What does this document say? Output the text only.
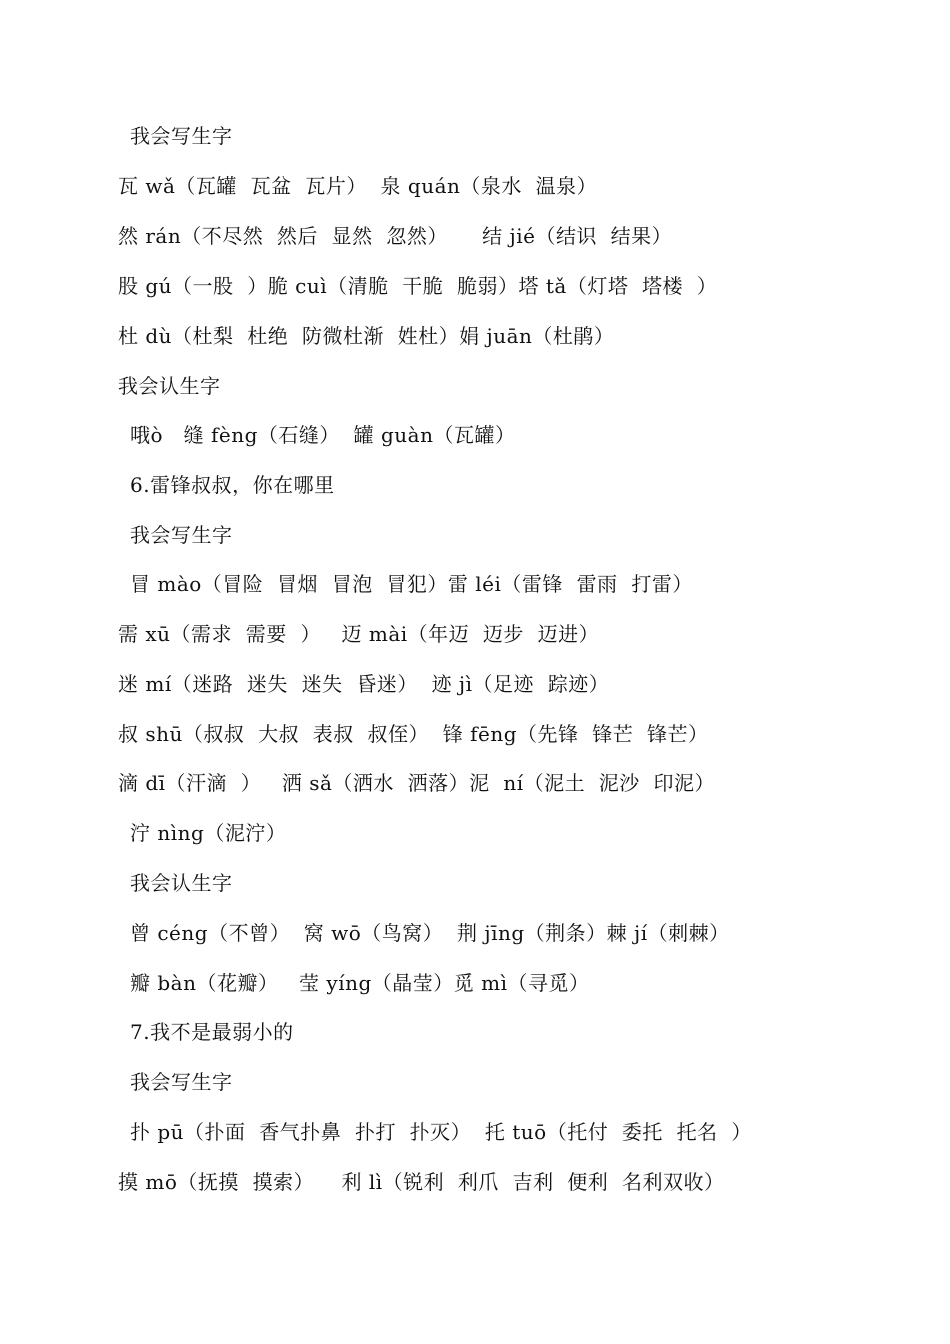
我会写生字
瓦 wǎ（瓦罐  瓦盆  瓦片）  泉 quán（泉水  温泉）
然 rán（不尽然  然后  显然  忽然）     结 jié（结识  结果）
股 gú（一股  ）脆 cuì（清脆  干脆  脆弱）塔 tǎ（灯塔  塔楼  ）
杜 dù（杜梨  杜绝  防微杜渐  姓杜）娟 juān（杜鹃）
我会认生字
哦ò   缝 fèng（石缝）  罐 guàn（瓦罐）
6.雷锋叔叔，你在哪里
我会写生字
冒 mào（冒险  冒烟  冒泡  冒犯）雷 léi（雷锋  雷雨  打雷）
需 xū（需求  需要  ）   迈 mài（年迈  迈步  迈进）
迷 mí（迷路  迷失  迷失  昏迷）  迹 jì（足迹  踪迹）
叔 shū（叔叔  大叔  表叔  叔侄）  锋 fēng（先锋  锋芒  锋芒）
滴 dī（汗滴  ）   洒 sǎ（洒水  洒落）泥  ní（泥土  泥沙  印泥）
泞 nìng（泥泞）
我会认生字
曾 céng（不曾）  窝 wō（鸟窝）  荆 jīng（荆条）棘 jí（刺棘）
瓣 bàn（花瓣）   莹 yíng（晶莹）觅 mì（寻觅）
7.我不是最弱小的
我会写生字
扑 pū（扑面  香气扑鼻  扑打  扑灭）  托 tuō（托付  委托  托名  ）
摸 mō（抚摸  摸索）    利 lì（锐利  利爪  吉利  便利  名利双收）
